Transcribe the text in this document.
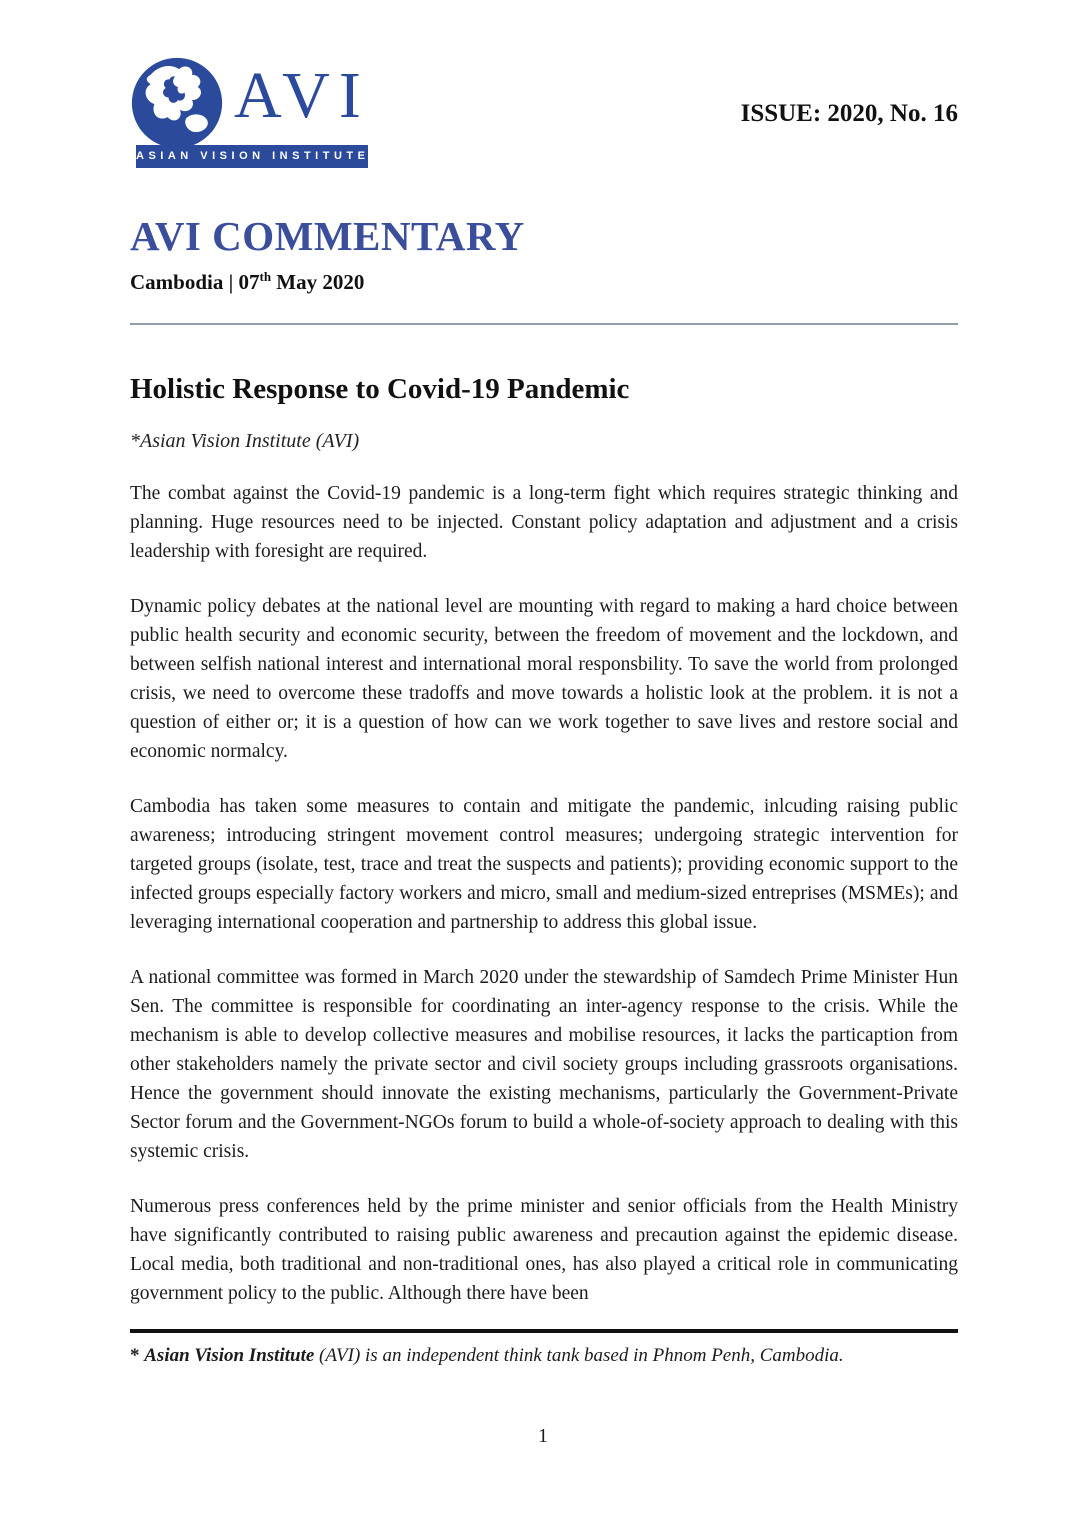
AVI
ASIAN VISION INSTITUTE
ISSUE: 2020, No. 16
AVI COMMENTARY
Cambodia | 07th May 2020
Holistic Response to Covid-19 Pandemic
*Asian Vision Institute (AVI)

The combat against the Covid-19 pandemic is a long-term fight which requires strategic thinking and planning. Huge resources need to be injected. Constant policy adaptation and adjustment and a crisis leadership with foresight are required.

Dynamic policy debates at the national level are mounting with regard to making a hard choice between public health security and economic security, between the freedom of movement and the lockdown, and between selfish national interest and international moral responsbility. To save the world from prolonged crisis, we need to overcome these tradoffs and move towards a holistic look at the problem. it is not a question of either or; it is a question of how can we work together to save lives and restore social and economic normalcy.

Cambodia has taken some measures to contain and mitigate the pandemic, inlcuding raising public awareness; introducing stringent movement control measures; undergoing strategic intervention for targeted groups (isolate, test, trace and treat the suspects and patients); providing economic support to the infected groups especially factory workers and micro, small and medium-sized entreprises (MSMEs); and leveraging international cooperation and partnership to address this global issue.

A national committee was formed in March 2020 under the stewardship of Samdech Prime Minister Hun Sen. The committee is responsible for coordinating an inter-agency response to the crisis. While the mechanism is able to develop collective measures and mobilise resources, it lacks the particaption from other stakeholders namely the private sector and civil society groups including grassroots organisations. Hence the government should innovate the existing mechanisms, particularly the Government-Private Sector forum and the Government-NGOs forum to build a whole-of-society approach to dealing with this systemic crisis.

Numerous press conferences held by the prime minister and senior officials from the Health Ministry have significantly contributed to raising public awareness and precaution against the epidemic disease. Local media, both traditional and non-traditional ones, has also played a critical role in communicating government policy to the public. Although there have been

* Asian Vision Institute (AVI) is an independent think tank based in Phnom Penh, Cambodia.
1
